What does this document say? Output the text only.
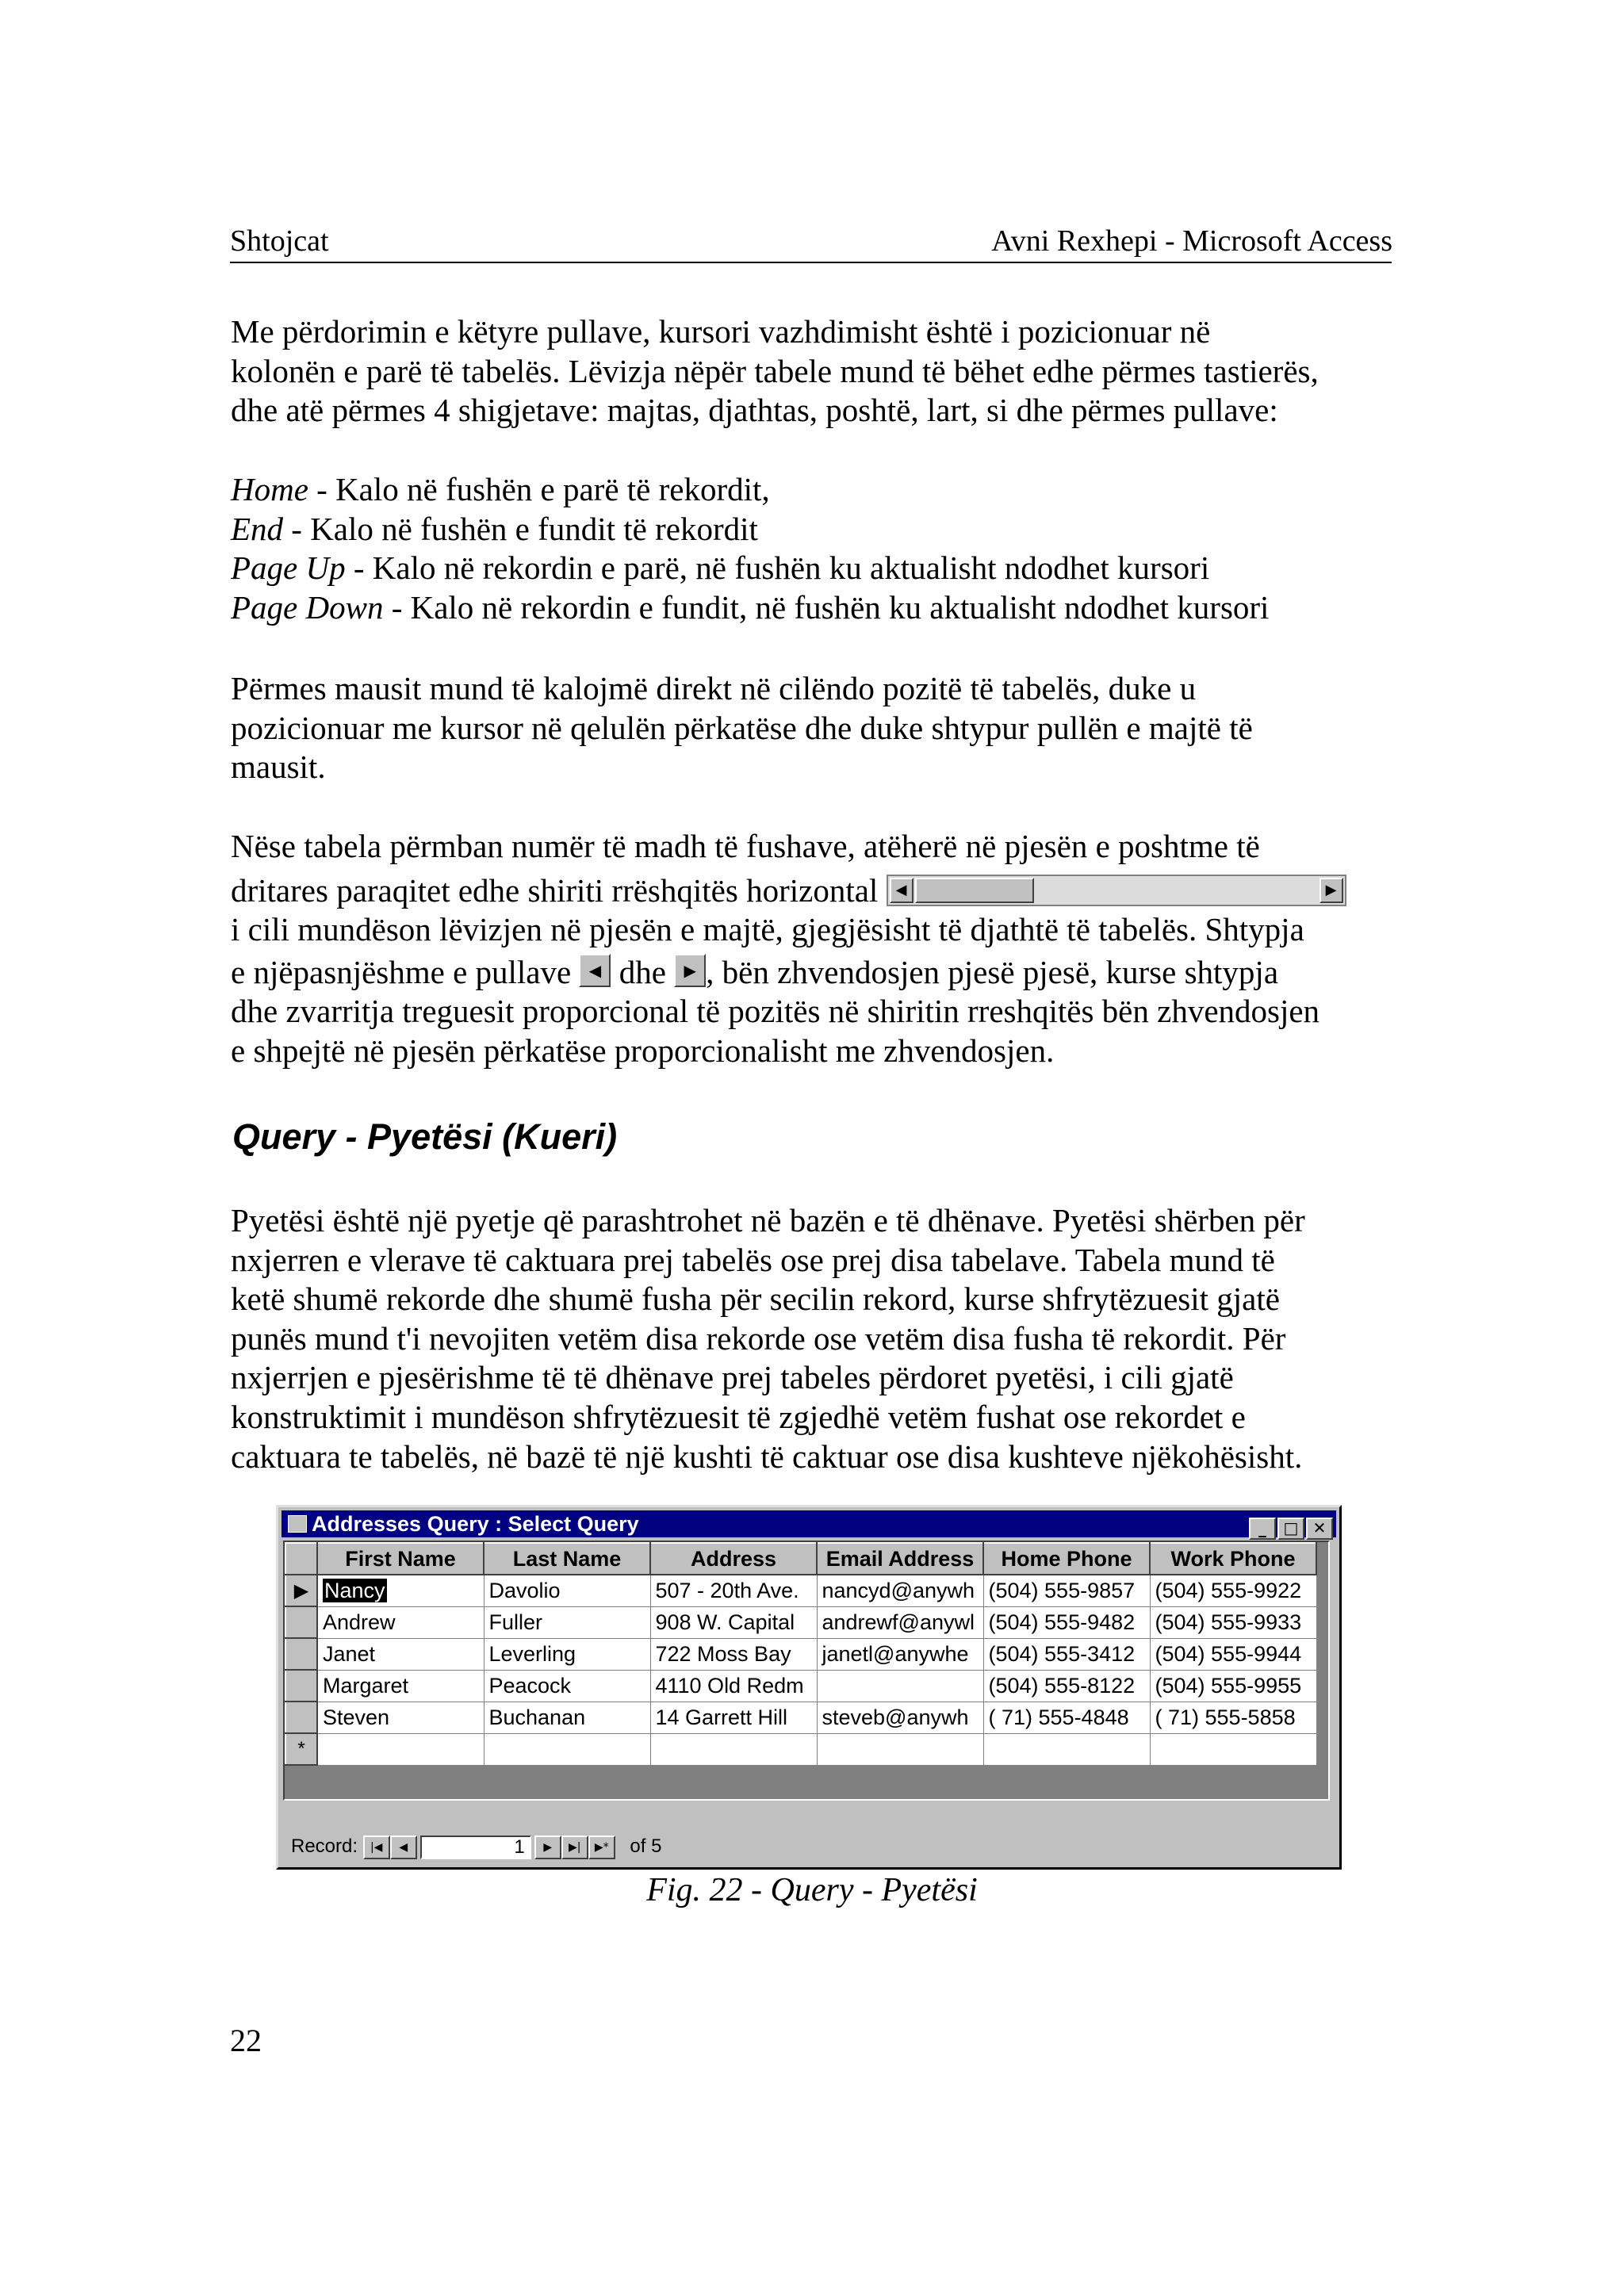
Shtojcat	Avni Rexhepi - Microsoft Access

Me përdorimin e këtyre pullave, kursori vazhdimisht është i pozicionuar në

kolonën e parë të tabelës. Lëvizja nëpër tabele mund të bëhet edhe përmes tastierës,

dhe atë përmes 4 shigjetave: majtas, djathtas, poshtë, lart, si dhe përmes pullave:

Home - Kalo në fushën e parë të rekordit,

End - Kalo në fushën e fundit të rekordit

Page Up - Kalo në rekordin e parë, në fushën ku aktualisht ndodhet kursori

Page Down - Kalo në rekordin e fundit, në fushën ku aktualisht ndodhet kursori

Përmes mausit mund të kalojmë direkt në cilëndo pozitë të tabelës, duke u

pozicionuar me kursor në qelulën përkatëse dhe duke shtypur pullën e majtë të

mausit.

Nëse tabela përmban numër të madh të fushave, atëherë në pjesën e poshtme të

dritares paraqitet edhe shiriti rrëshqitës horizontal	◀	▶

i cili mundëson lëvizjen në pjesën e majtë, gjegjësisht të djathtë të tabelës. Shtypja

e njëpasnjëshme e pullave ◀ dhe ▶ , bën zhvendosjen pjesë pjesë, kurse shtypja

dhe zvarritja treguesit proporcional të pozitës në shiritin rreshqitës bën zhvendosjen

e shpejtë në pjesën përkatëse proporcionalisht me zhvendosjen.

Query - Pyetësi (Kueri)

Pyetësi është një pyetje që parashtrohet në bazën e të dhënave. Pyetësi shërben për

nxjerren e vlerave të caktuara prej tabelës ose prej disa tabelave. Tabela mund të

ketë shumë rekorde dhe shumë fusha për secilin rekord, kurse shfrytëzuesit gjatë

punës mund t'i nevojiten vetëm disa rekorde ose vetëm disa fusha të rekordit. Për

nxjerrjen e pjesërishme të të dhënave prej tabeles përdoret pyetësi, i cili gjatë

konstruktimit i mundëson shfrytëzuesit të zgjedhë vetëm fushat ose rekordet e

caktuara te tabelës, në bazë të një kushti të caktuar ose disa kushteve njëkohësisht.

Addresses Query : Select Query	_ □ ✕
	First Name	Last Name	Address	Email Address	Home Phone	Work Phone
▶	Nancy	Davolio	507 - 20th Ave.	nancyd@anywh	(504) 555-9857	(504) 555-9922
	Andrew	Fuller	908 W. Capital	andrewf@anywl	(504) 555-9482	(504) 555-9933
	Janet	Leverling	722 Moss Bay	janetl@anywhe	(504) 555-3412	(504) 555-9944
	Margaret	Peacock	4110 Old Redm		(504) 555-8122	(504) 555-9955
	Steven	Buchanan	14 Garrett Hill	steveb@anywh	( 71) 555-4848	( 71) 555-5858
*						
Record: |◀ ◀	1 ▶ ▶| ▶* of 5
Fig. 22 - Query - Pyetësi
22
